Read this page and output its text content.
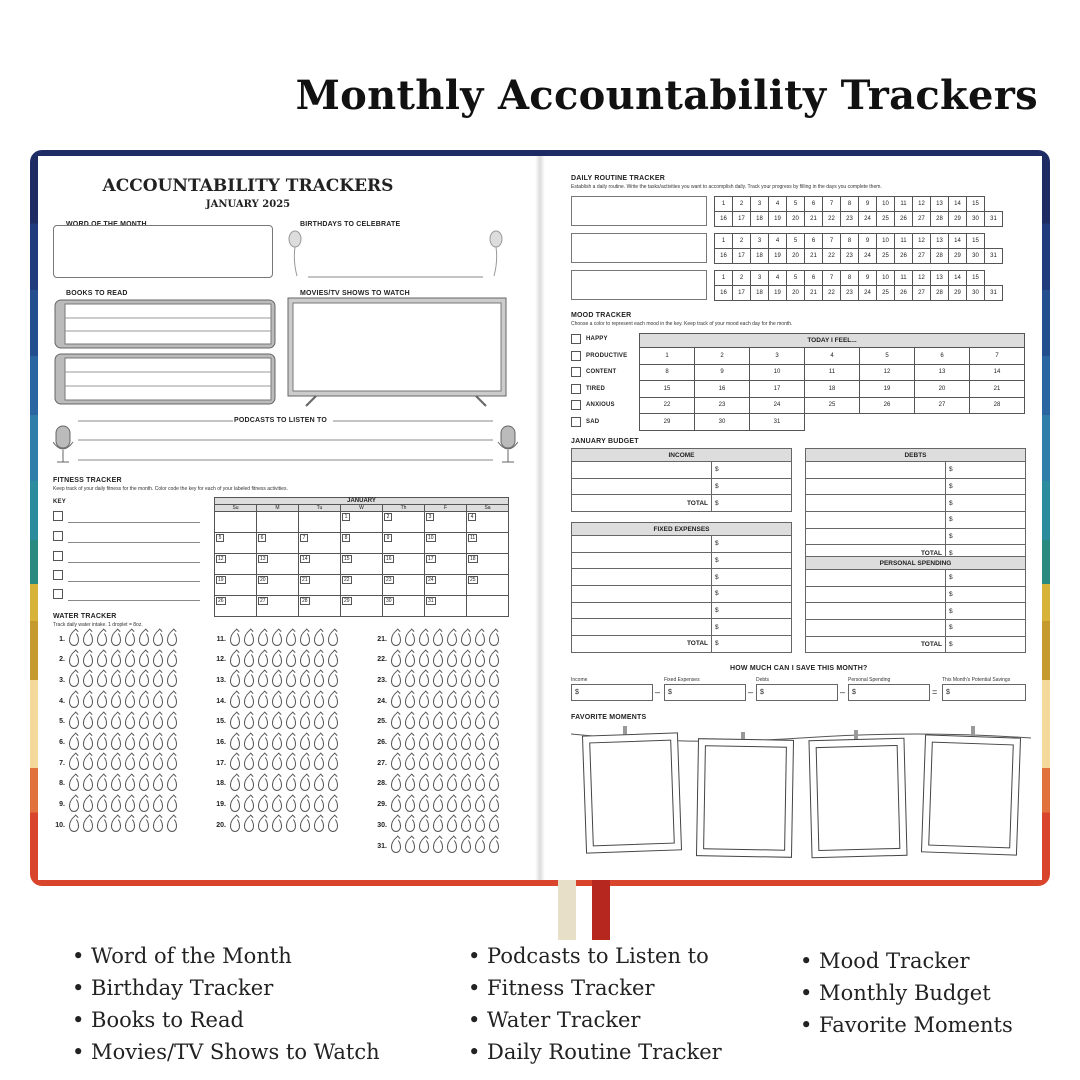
Monthly Accountability Trackers
ACCOUNTABILITY TRACKERS
JANUARY 2025
WORD OF THE MONTH	BIRTHDAYS TO CELEBRATE
BOOKS TO READ	MOVIES/TV SHOWS TO WATCH
PODCASTS TO LISTEN TO
FITNESS TRACKER
Keep track of your daily fitness for the month. Color code the key for each of your labeled fitness activities.
KEY	JANUARY						
Su	M	Tu	W	Th	F	Sa
			1	2	3	4
5	6	7	8	9	10	11
12	13	14	15	16	17	18
19	20	21	22	23	24	25
26	27	28	29	30	31	
WATER TRACKER
Track daily water intake. 1 droplet = 8oz.
1.
2.
3.
4.
5.
6.
7.
8.
9.
10.
11.
12.
13.
14.
15.
16.
17.
18.
19.
20.
21.
22.
23.
24.
25.
26.
27.
28.
29.
30.
31.
DAILY ROUTINE TRACKER
Establish a daily routine. Write the tasks/activities you want to accomplish daily. Track your progress by filling in the days you complete them.
MOOD TRACKER
Choose a color to represent each mood in the key. Keep track of your mood each day for the month.
TODAY I FEEL...						
1	2	3	4	5	6	7
8	9	10	11	12	13	14
15	16	17	18	19	20	21
22	23	24	25	26	27	28
29	30	31				
JANUARY BUDGET
HOW MUCH CAN I SAVE THIS MONTH?
FAVORITE MOMENTS
1	2	3	4	5	6	7	8	9	10	11	12	13	14	15	
16	17	18	19	20	21	22	23	24	25	26	27	28	29	30	31
1	2	3	4	5	6	7	8	9	10	11	12	13	14	15	
16	17	18	19	20	21	22	23	24	25	26	27	28	29	30	31
1	2	3	4	5	6	7	8	9	10	11	12	13	14	15	
16	17	18	19	20	21	22	23	24	25	26	27	28	29	30	31
HAPPY
PRODUCTIVE
CONTENT
TIRED
ANXIOUS
SAD
INCOME	
	$
	$
TOTAL	$
DEBTS	
	$
	$
	$
	$
	$
TOTAL	$
FIXED EXPENSES	
	$
	$
	$
	$
	$
	$
TOTAL	$
PERSONAL SPENDING	
	$
	$
	$
	$
TOTAL	$
Income
$	–
Fixed Expenses
$	–
Debts
$	–
Personal Spending
$	=
This Month's Potential Savings
$
• Word of the Month
• Birthday Tracker
• Books to Read
• Movies/TV Shows to Watch
• Podcasts to Listen to
• Fitness Tracker
• Water Tracker
• Daily Routine Tracker
• Mood Tracker
• Monthly Budget
• Favorite Moments
